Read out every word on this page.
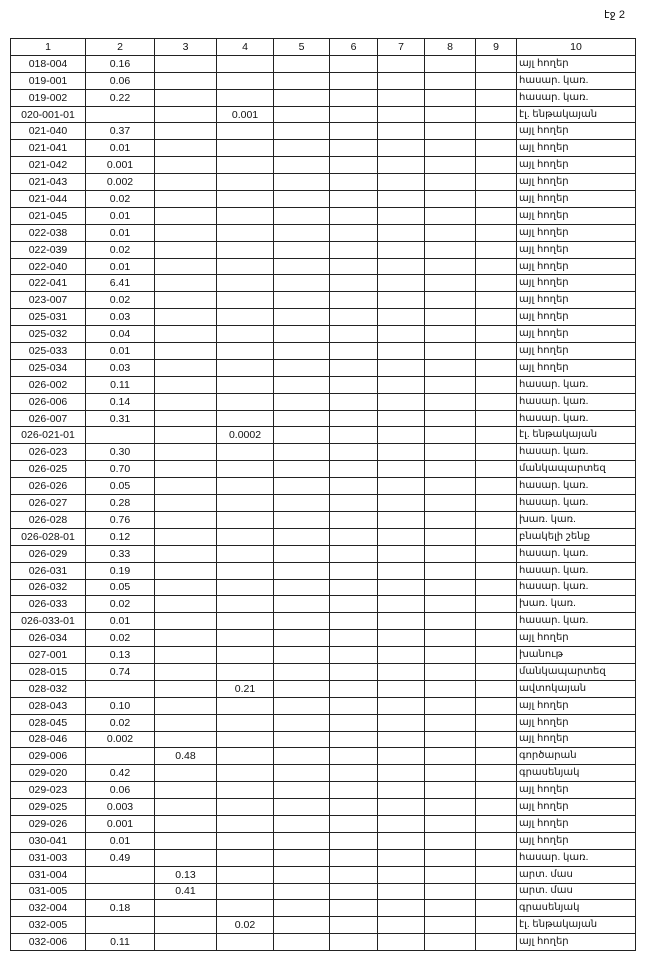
էջ 2
1	2	3	4	5	6	7	8	9	10
018-004	0.16								այլ հողեր
019-001	0.06								հասար. կառ.
019-002	0.22								հասար. կառ.
020-001-01			0.001						էլ. ենթակայան
021-040	0.37								այլ հողեր
021-041	0.01								այլ հողեր
021-042	0.001								այլ հողեր
021-043	0.002								այլ հողեր
021-044	0.02								այլ հողեր
021-045	0.01								այլ հողեր
022-038	0.01								այլ հողեր
022-039	0.02								այլ հողեր
022-040	0.01								այլ հողեր
022-041	6.41								այլ հողեր
023-007	0.02								այլ հողեր
025-031	0.03								այլ հողեր
025-032	0.04								այլ հողեր
025-033	0.01								այլ հողեր
025-034	0.03								այլ հողեր
026-002	0.11								հասար. կառ.
026-006	0.14								հասար. կառ.
026-007	0.31								հասար. կառ.
026-021-01			0.0002						էլ. ենթակայան
026-023	0.30								հասար. կառ.
026-025	0.70								մանկապարտեզ
026-026	0.05								հասար. կառ.
026-027	0.28								հասար. կառ.
026-028	0.76								խառ. կառ.
026-028-01	0.12								բնակելի շենք
026-029	0.33								հասար. կառ.
026-031	0.19								հասար. կառ.
026-032	0.05								հասար. կառ.
026-033	0.02								խառ. կառ.
026-033-01	0.01								հասար. կառ.
026-034	0.02								այլ հողեր
027-001	0.13								խանութ
028-015	0.74								մանկապարտեզ
028-032			0.21						ավտոկայան
028-043	0.10								այլ հողեր
028-045	0.02								այլ հողեր
028-046	0.002								այլ հողեր
029-006		0.48							գործարան
029-020	0.42								գրասենյակ
029-023	0.06								այլ հողեր
029-025	0.003								այլ հողեր
029-026	0.001								այլ հողեր
030-041	0.01								այլ հողեր
031-003	0.49								հասար. կառ.
031-004		0.13							արտ. մաս
031-005		0.41							արտ. մաս
032-004	0.18								գրասենյակ
032-005			0.02						էլ. ենթակայան
032-006	0.11								այլ հողեր
